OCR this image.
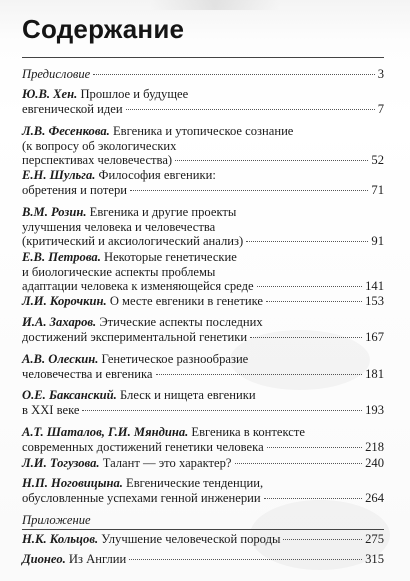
Содержание
Предисловие	3
Ю.В. Хен. Прошлое и будущее
евгенической идеи	7
Л.В. Фесенкова. Евгеника и утопическое сознание
(к вопросу об экологических
перспективах человечества)	52
Е.Н. Шульга. Философия евгеники:
обретения и потери	71
В.М. Розин. Евгеника и другие проекты
улучшения человека и человечества
(критический и аксиологический анализ)	91
Е.В. Петрова. Некоторые генетические
и биологические аспекты проблемы
адаптации человека к изменяющейся среде	141
Л.И. Корочкин. О месте евгеники в генетике	153
И.А. Захаров. Этические аспекты последних
достижений экспериментальной генетики	167
А.В. Олескин. Генетическое разнообразие
человечества и евгеника	181
О.Е. Баксанский. Блеск и нищета евгеники
в XXI веке	193
А.Т. Шаталов, Г.И. Мяндина. Евгеника в контексте
современных достижений генетики человека	218
Л.И. Тогузова. Талант — это характер?	240
Н.П. Ноговицына. Евгенические тенденции,
обусловленные успехами генной инженерии	264
Приложение
Н.К. Кольцов. Улучшение человеческой породы	275
Дионео. Из Англии	315
